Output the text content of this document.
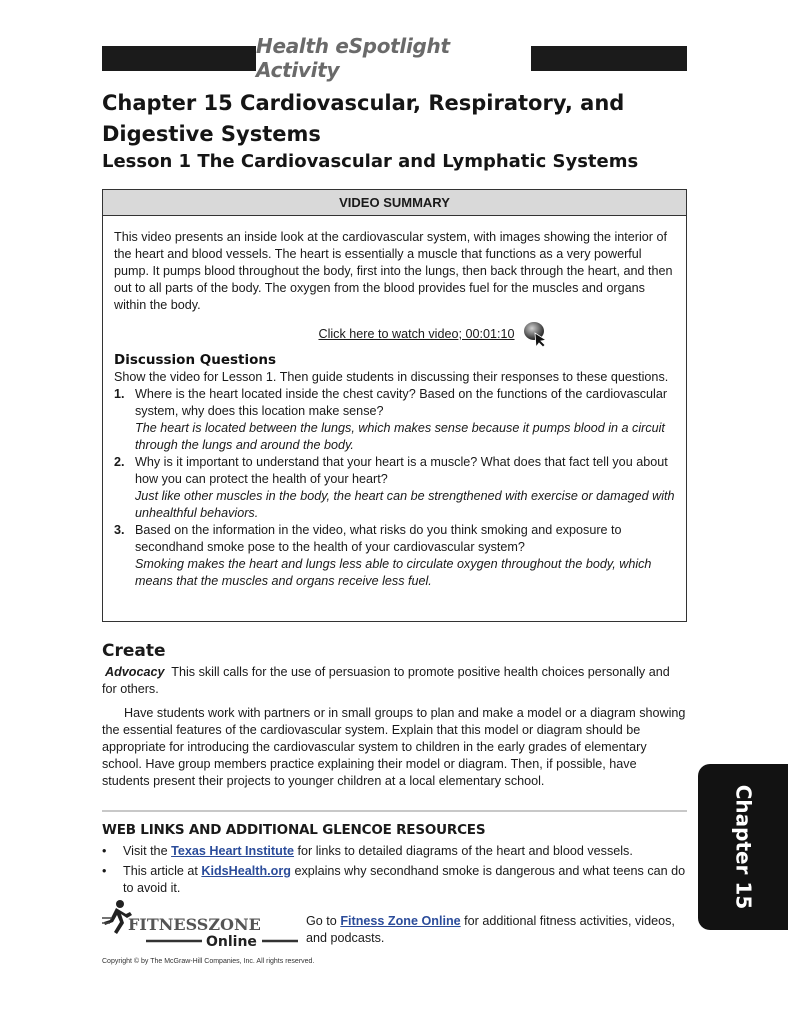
Health eSpotlight Activity
Chapter 15 Cardiovascular, Respiratory, and Digestive Systems
Lesson 1 The Cardiovascular and Lymphatic Systems
VIDEO SUMMARY

This video presents an inside look at the cardiovascular system, with images showing the interior of the heart and blood vessels. The heart is essentially a muscle that functions as a very powerful pump. It pumps blood throughout the body, first into the lungs, then back through the heart, and then out to all parts of the body. The oxygen from the blood provides fuel for the muscles and organs within the body.

Click here to watch video; 00:01:10
Discussion Questions

Show the video for Lesson 1. Then guide students in discussing their responses to these questions.

1. Where is the heart located inside the chest cavity? Based on the functions of the cardiovascular system, why does this location make sense?
The heart is located between the lungs, which makes sense because it pumps blood in a circuit through the lungs and around the body.
2. Why is it important to understand that your heart is a muscle? What does that fact tell you about how you can protect the health of your heart?
Just like other muscles in the body, the heart can be strengthened with exercise or damaged with unhealthful behaviors.
3. Based on the information in the video, what risks do you think smoking and exposure to secondhand smoke pose to the health of your cardiovascular system?
Smoking makes the heart and lungs less able to circulate oxygen throughout the body, which means that the muscles and organs receive less fuel.
Create

Advocacy This skill calls for the use of persuasion to promote positive health choices personally and for others.

Have students work with partners or in small groups to plan and make a model or a diagram showing the essential features of the cardiovascular system. Explain that this model or diagram should be appropriate for introducing the cardiovascular system to children in the early grades of elementary school. Have group members practice explaining their model or diagram. Then, if possible, have students present their projects to younger children at a local elementary school.

WEB LINKS AND ADDITIONAL GLENCOE RESOURCES
•	Visit the Texas Heart Institute for links to detailed diagrams of the heart and blood vessels.
•	This article at KidsHealth.org explains why secondhand smoke is dangerous and what teens can do to avoid it.
FITNESSZONE
Online
Go to Fitness Zone Online for additional fitness activities, videos, and podcasts.
Copyright © by The McGraw-Hill Companies, Inc. All rights reserved.
Chapter 15
